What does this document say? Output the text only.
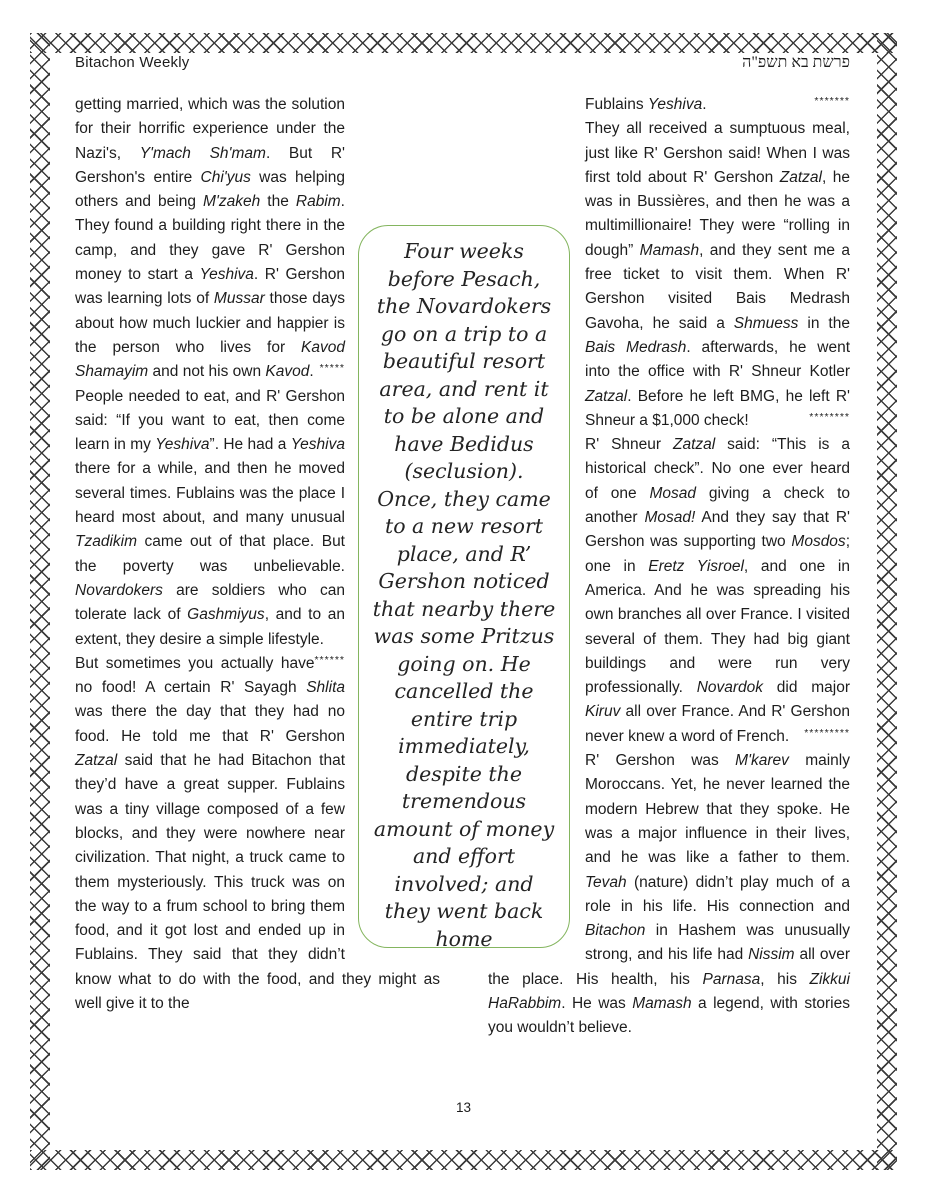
Bitachon Weekly	פרשת בא תשפ"ה

getting married, which was the solution for their horrific experience under the Nazi's, Y'mach Sh'mam. But R' Gershon's entire Chi'yus was helping others and being M'zakeh the Rabim. They found a building right there in the camp, and they gave R' Gershon money to start a Yeshiva. R' Gershon was learning lots of Mussar those days about how much luckier and happier is the person who lives for Kavod Shamayim and not his own Kavod. *****

People needed to eat, and R' Gershon said: “If you want to eat, then come learn in my Yeshiva”. He had a Yeshiva there for a while, and then he moved several times. Fublains was the place I heard most about, and many unusual Tzadikim came out of that place. But the poverty was unbelievable. Novardokers are soldiers who can tolerate lack of Gashmiyus, and to an extent, they desire a simple lifestyle.
******

But sometimes you actually have no food! A certain R' Sayagh Shlita was there the day that they had no food. He told me that R' Gershon Zatzal said that he had Bitachon that they’d have a great supper. Fublains was a tiny village composed of a few blocks, and they were nowhere near civilization. That night, a truck came to them mysteriously. This truck was on the way to a frum school to bring them food, and it got lost and ended up in Fublains. They said that they didn’t know what to do with the food, and they might as well give it to the

Fublains Yeshiva.	*******

They all received a sumptuous meal, just like R' Gershon said! When I was first told about R' Gershon Zatzal, he was in Bussières, and then he was a multimillionaire! They were “rolling in dough” Mamash, and they sent me a free ticket to visit them. When R' Gershon visited Bais Medrash Gavoha, he said a Shmuess in the Bais Medrash. afterwards, he went into the office with R' Shneur Kotler Zatzal. Before he left BMG, he left R' Shneur a $1,000 check!	********

R' Shneur Zatzal said: “This is a historical check”. No one ever heard of one Mosad giving a check to another Mosad! And they say that R' Gershon was supporting two Mosdos; one in Eretz Yisroel, and one in America. And he was spreading his own branches all over France. I visited several of them. They had big giant buildings and were run very professionally. Novardok did major Kiruv all over France. And R' Gershon never knew a word of French. *********

R' Gershon was M'karev mainly Moroccans. Yet, he never learned the modern Hebrew that they spoke. He was a major influence in their lives, and he was like a father to them. Tevah (nature) didn’t play much of a role in his life. His connection and Bitachon in Hashem was unusually strong, and his life had Nissim all over the place. His health, his Parnasa, his Zikkui HaRabbim. He was Mamash a legend, with stories you wouldn’t believe.

Four weeks before Pesach, the Novardokers go on a trip to a beautiful resort area, and rent it to be alone and have Bedidus (seclusion). Once, they came to a new resort place, and R’ Gershon noticed that nearby there was some Pritzus going on. He cancelled the entire trip immediately, despite the tremendous amount of money and effort involved; and they went back home
13
